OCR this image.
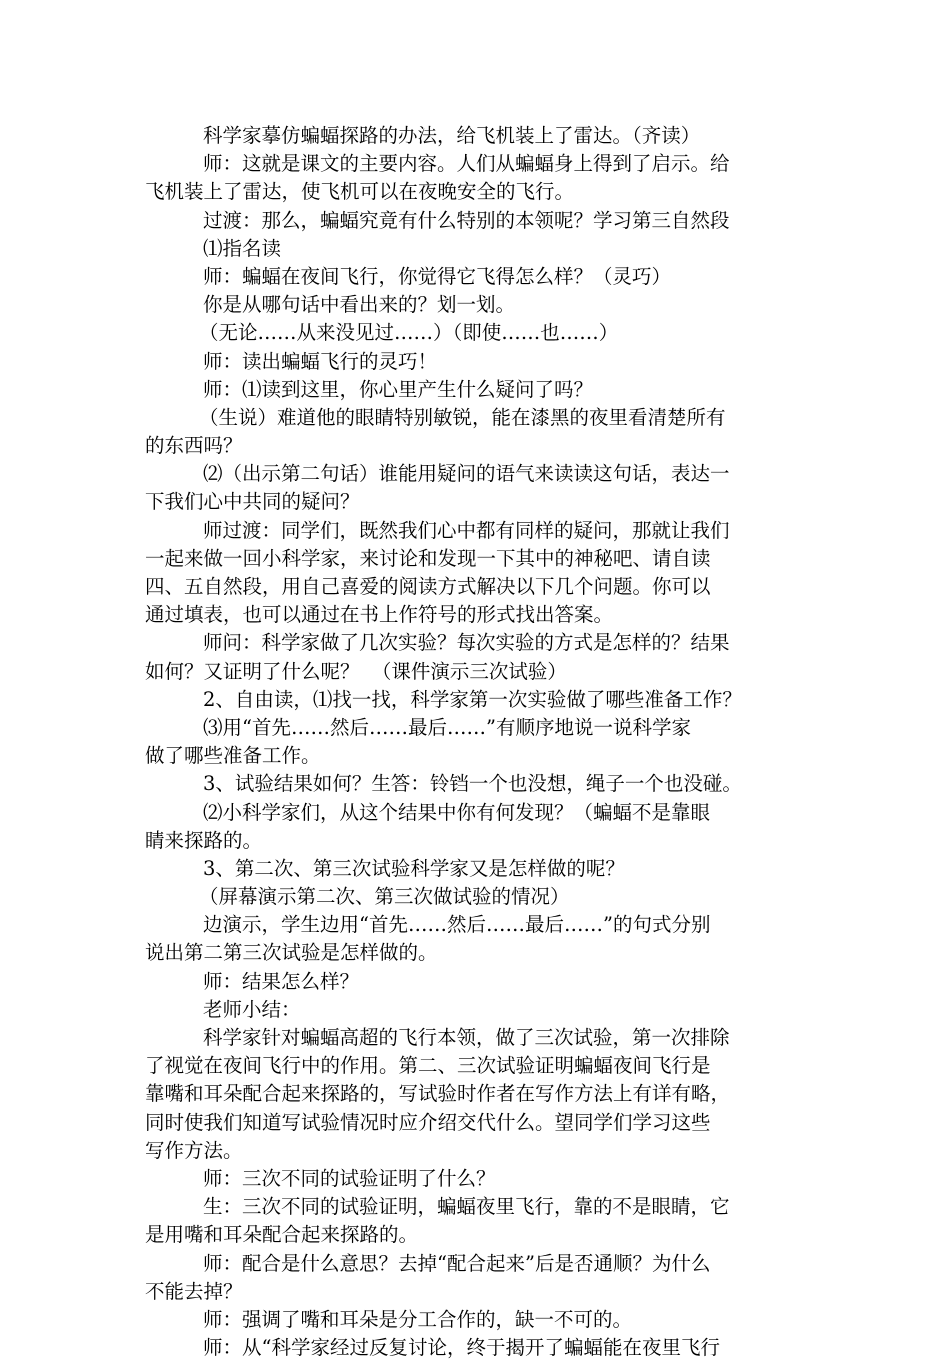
科学家摹仿蝙蝠探路的办法，给飞机装上了雷达。（齐读）
师：这就是课文的主要内容。人们从蝙蝠身上得到了启示。给
飞机装上了雷达，使飞机可以在夜晚安全的飞行。
过渡：那么，蝙蝠究竟有什么特别的本领呢？学习第三自然段
⑴指名读
师：蝙蝠在夜间飞行，你觉得它飞得怎么样？（灵巧）
你是从哪句话中看出来的？划一划。
（无论……从来没见过……）（即使……也……）
师：读出蝙蝠飞行的灵巧！
师：⑴读到这里，你心里产生什么疑问了吗？
（生说）难道他的眼睛特别敏锐，能在漆黑的夜里看清楚所有
的东西吗？
⑵（出示第二句话）谁能用疑问的语气来读读这句话，表达一
下我们心中共同的疑问？
师过渡：同学们，既然我们心中都有同样的疑问，那就让我们
一起来做一回小科学家，来讨论和发现一下其中的神秘吧、请自读
四、五自然段，用自己喜爱的阅读方式解决以下几个问题。你可以
通过填表，也可以通过在书上作符号的形式找出答案。
师问：科学家做了几次实验？每次实验的方式是怎样的？结果
如何？又证明了什么呢？  （课件演示三次试验）
2、自由读，⑴找一找，科学家第一次实验做了哪些准备工作？
⑶用“首先……然后……最后……”有顺序地说一说科学家
做了哪些准备工作。
3、试验结果如何？生答：铃铛一个也没想，绳子一个也没碰。
⑵小科学家们，从这个结果中你有何发现？（蝙蝠不是靠眼
睛来探路的。
3、第二次、第三次试验科学家又是怎样做的呢？
（屏幕演示第二次、第三次做试验的情况）
边演示，学生边用“首先……然后……最后……”的句式分别
说出第二第三次试验是怎样做的。
师：结果怎么样？
老师小结：
科学家针对蝙蝠高超的飞行本领，做了三次试验，第一次排除
了视觉在夜间飞行中的作用。第二、三次试验证明蝙蝠夜间飞行是
靠嘴和耳朵配合起来探路的，写试验时作者在写作方法上有详有略，
同时使我们知道写试验情况时应介绍交代什么。望同学们学习这些
写作方法。
师：三次不同的试验证明了什么？
生：三次不同的试验证明，蝙蝠夜里飞行，靠的不是眼睛，它
是用嘴和耳朵配合起来探路的。
师：配合是什么意思？去掉“配合起来”后是否通顺？为什么
不能去掉？
师：强调了嘴和耳朵是分工合作的，缺一不可的。
师：从“科学家经过反复讨论，终于揭开了蝙蝠能在夜里飞行
